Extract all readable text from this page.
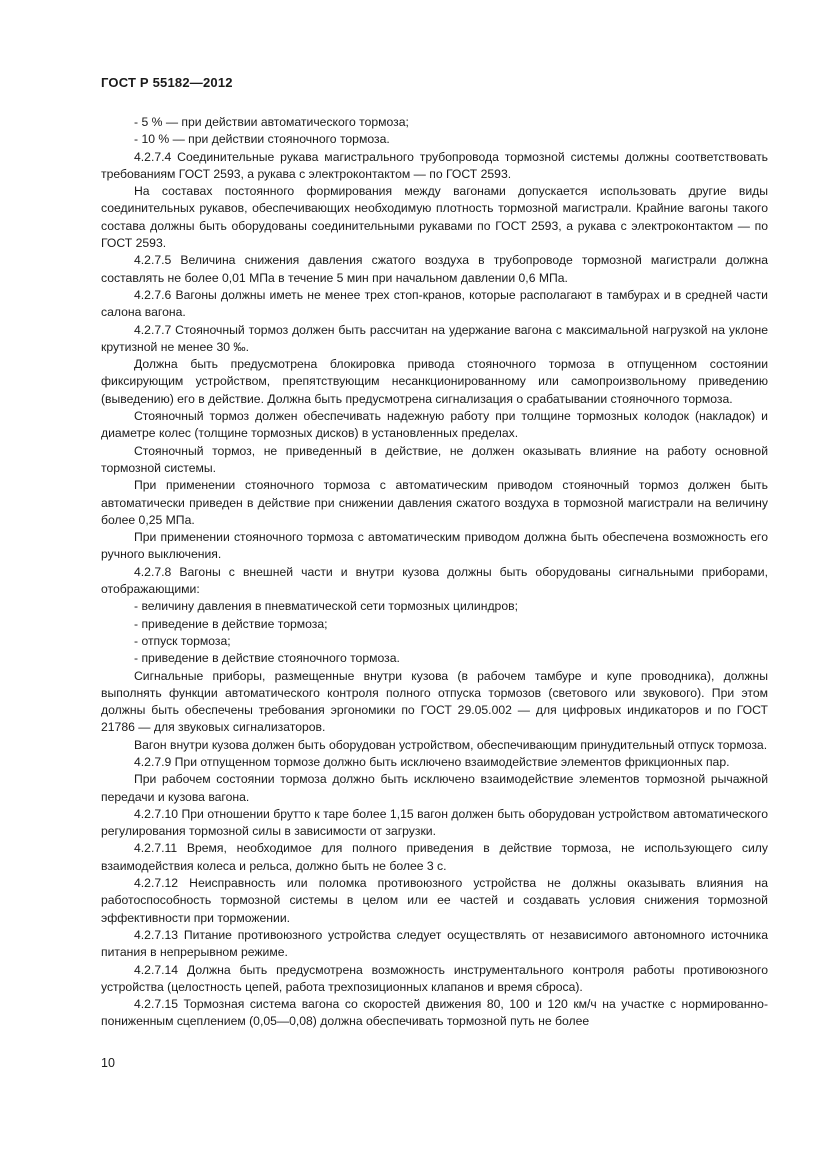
ГОСТ Р 55182—2012

- 5 % — при действии автоматического тормоза;

- 10 % — при действии стояночного тормоза.

4.2.7.4 Соединительные рукава магистрального трубопровода тормозной системы должны соответствовать требованиям ГОСТ 2593, а рукава с электроконтактом — по ГОСТ 2593.

На составах постоянного формирования между вагонами допускается использовать другие виды соединительных рукавов, обеспечивающих необходимую плотность тормозной магистрали. Крайние вагоны такого состава должны быть оборудованы соединительными рукавами по ГОСТ 2593, а рукава с электроконтактом — по ГОСТ 2593.

4.2.7.5 Величина снижения давления сжатого воздуха в трубопроводе тормозной магистрали должна составлять не более 0,01 МПа в течение 5 мин при начальном давлении 0,6 МПа.

4.2.7.6 Вагоны должны иметь не менее трех стоп-кранов, которые располагают в тамбурах и в средней части салона вагона.

4.2.7.7 Стояночный тормоз должен быть рассчитан на удержание вагона с максимальной нагрузкой на уклоне крутизной не менее 30 ‰.

Должна быть предусмотрена блокировка привода стояночного тормоза в отпущенном состоянии фиксирующим устройством, препятствующим несанкционированному или самопроизвольному приведению (выведению) его в действие. Должна быть предусмотрена сигнализация о срабатывании стояночного тормоза.

Стояночный тормоз должен обеспечивать надежную работу при толщине тормозных колодок (накладок) и диаметре колес (толщине тормозных дисков) в установленных пределах.

Стояночный тормоз, не приведенный в действие, не должен оказывать влияние на работу основной тормозной системы.

При применении стояночного тормоза с автоматическим приводом стояночный тормоз должен быть автоматически приведен в действие при снижении давления сжатого воздуха в тормозной магистрали на величину более 0,25 МПа.

При применении стояночного тормоза с автоматическим приводом должна быть обеспечена возможность его ручного выключения.

4.2.7.8 Вагоны с внешней части и внутри кузова должны быть оборудованы сигнальными приборами, отображающими:

- величину давления в пневматической сети тормозных цилиндров;

- приведение в действие тормоза;

- отпуск тормоза;

- приведение в действие стояночного тормоза.

Сигнальные приборы, размещенные внутри кузова (в рабочем тамбуре и купе проводника), должны выполнять функции автоматического контроля полного отпуска тормозов (светового или звукового). При этом должны быть обеспечены требования эргономики по ГОСТ 29.05.002 — для цифровых индикаторов и по ГОСТ 21786 — для звуковых сигнализаторов.

Вагон внутри кузова должен быть оборудован устройством, обеспечивающим принудительный отпуск тормоза.

4.2.7.9 При отпущенном тормозе должно быть исключено взаимодействие элементов фрикционных пар.

При рабочем состоянии тормоза должно быть исключено взаимодействие элементов тормозной рычажной передачи и кузова вагона.

4.2.7.10 При отношении брутто к таре более 1,15 вагон должен быть оборудован устройством автоматического регулирования тормозной силы в зависимости от загрузки.

4.2.7.11 Время, необходимое для полного приведения в действие тормоза, не использующего силу взаимодействия колеса и рельса, должно быть не более 3 с.

4.2.7.12 Неисправность или поломка противоюзного устройства не должны оказывать влияния на работоспособность тормозной системы в целом или ее частей и создавать условия снижения тормозной эффективности при торможении.

4.2.7.13 Питание противоюзного устройства следует осуществлять от независимого автономного источника питания в непрерывном режиме.

4.2.7.14 Должна быть предусмотрена возможность инструментального контроля работы противоюзного устройства (целостность цепей, работа трехпозиционных клапанов и время сброса).

4.2.7.15 Тормозная система вагона со скоростей движения 80, 100 и 120 км/ч на участке с нормированно-пониженным сцеплением (0,05—0,08) должна обеспечивать тормозной путь не более

10
